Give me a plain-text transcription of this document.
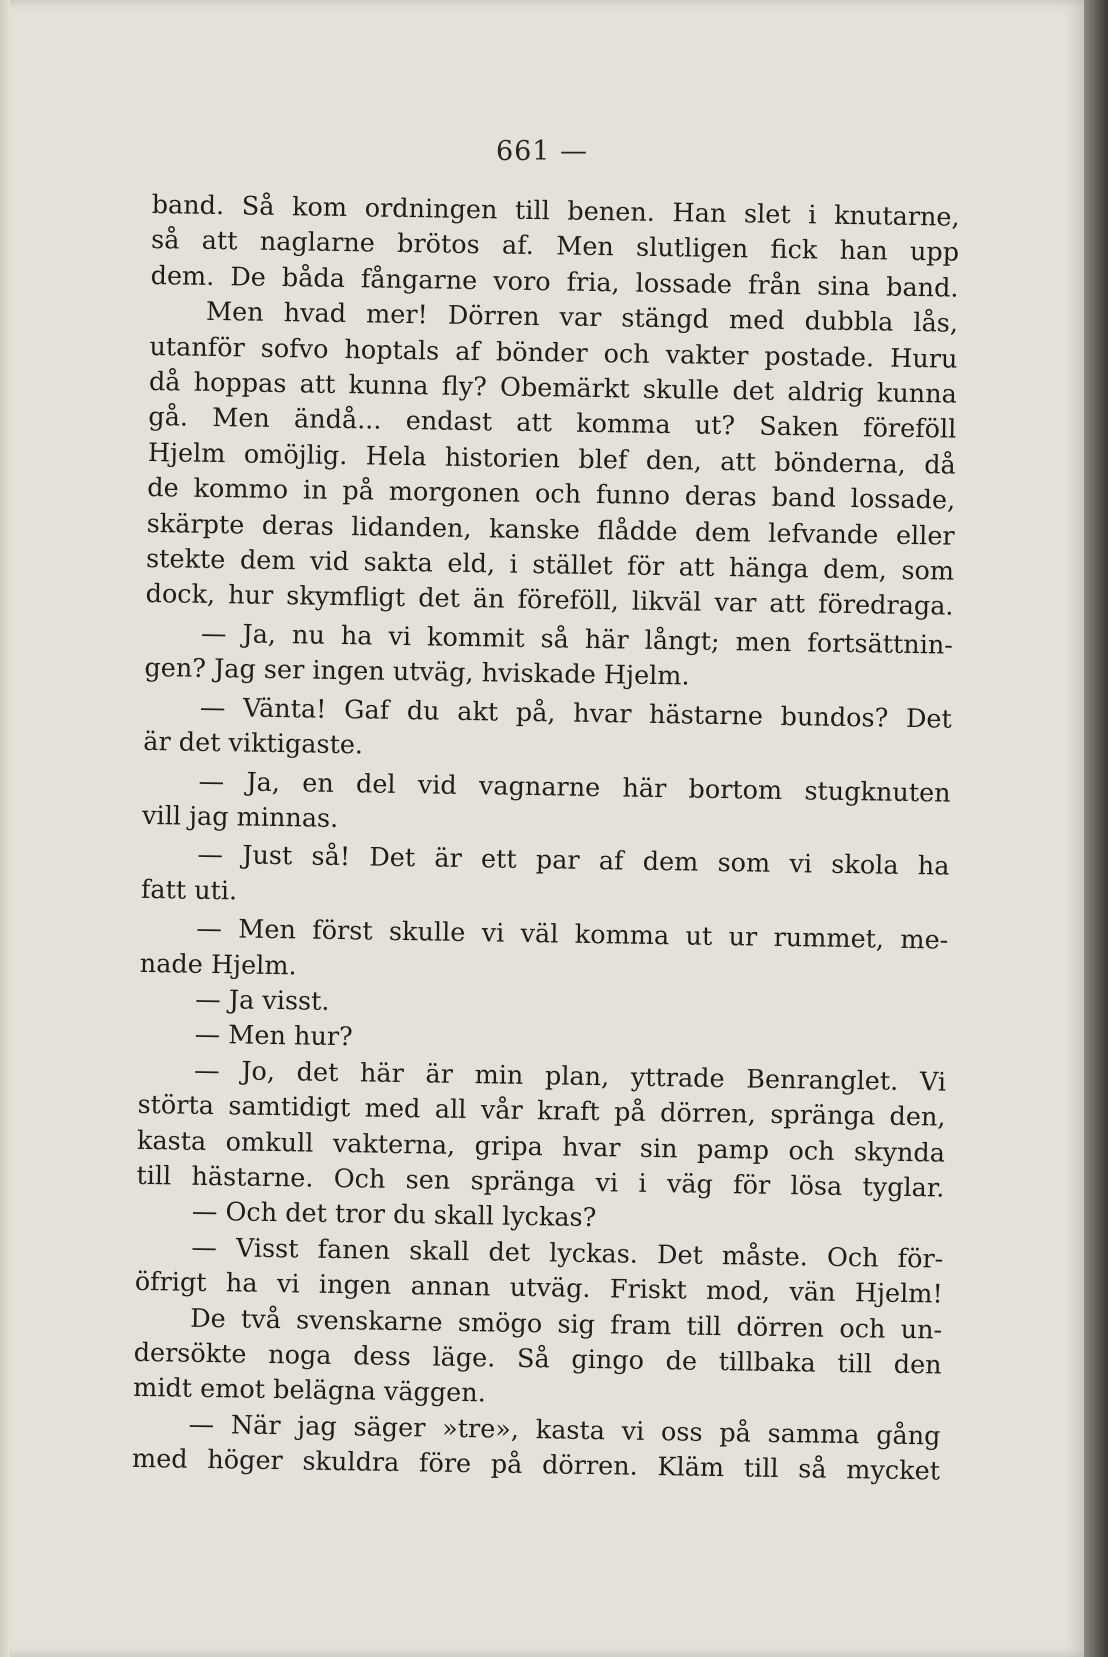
661 —
band. Så kom ordningen till benen. Han slet i knutarne,
så att naglarne brötos af. Men slutligen fick han upp
dem. De båda fångarne voro fria, lossade från sina band.
Men hvad mer! Dörren var stängd med dubbla lås,
utanför sofvo hoptals af bönder och vakter postade. Huru
då hoppas att kunna fly? Obemärkt skulle det aldrig kunna
gå. Men ändå... endast att komma ut? Saken föreföll
Hjelm omöjlig. Hela historien blef den, att bönderna, då
de kommo in på morgonen och funno deras band lossade,
skärpte deras lidanden, kanske flådde dem lefvande eller
stekte dem vid sakta eld, i stället för att hänga dem, som
dock, hur skymfligt det än föreföll, likväl var att föredraga.
— Ja, nu ha vi kommit så här långt; men fortsättnin-
gen? Jag ser ingen utväg, hviskade Hjelm.
— Vänta! Gaf du akt på, hvar hästarne bundos? Det
är det viktigaste.
— Ja, en del vid vagnarne här bortom stugknuten
vill jag minnas.
— Just så! Det är ett par af dem som vi skola ha
fatt uti.
— Men först skulle vi väl komma ut ur rummet, me-
nade Hjelm.
— Ja visst.
— Men hur?
— Jo, det här är min plan, yttrade Benranglet. Vi
störta samtidigt med all vår kraft på dörren, spränga den,
kasta omkull vakterna, gripa hvar sin pamp och skynda
till hästarne. Och sen spränga vi i väg för lösa tyglar.
— Och det tror du skall lyckas?
— Visst fanen skall det lyckas. Det måste. Och för-
öfrigt ha vi ingen annan utväg. Friskt mod, vän Hjelm!
De två svenskarne smögo sig fram till dörren och un-
dersökte noga dess läge. Så gingo de tillbaka till den
midt emot belägna väggen.
— När jag säger »tre», kasta vi oss på samma gång
med höger skuldra före på dörren. Kläm till så mycket
